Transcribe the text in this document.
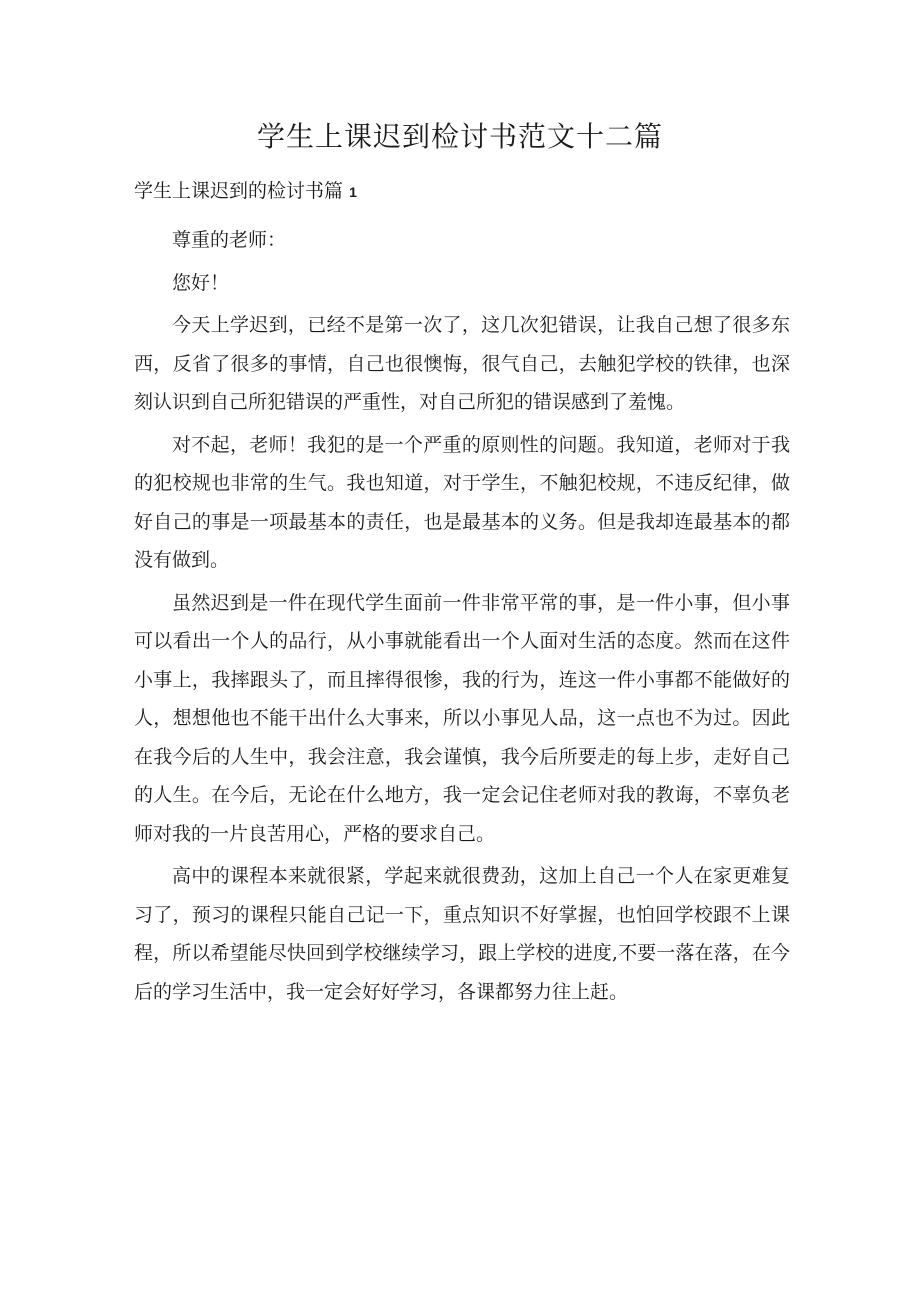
学生上课迟到检讨书范文十二篇
学生上课迟到的检讨书篇 1

尊重的老师：

您好！

今天上学迟到，已经不是第一次了，这几次犯错误，让我自己想了很多东西，反省了很多的事情，自己也很懊悔，很气自己，去触犯学校的铁律，也深刻认识到自己所犯错误的严重性，对自己所犯的错误感到了羞愧。

对不起，老师！我犯的是一个严重的原则性的问题。我知道，老师对于我的犯校规也非常的生气。我也知道，对于学生，不触犯校规，不违反纪律，做好自己的事是一项最基本的责任，也是最基本的义务。但是我却连最基本的都没有做到。

虽然迟到是一件在现代学生面前一件非常平常的事，是一件小事，但小事可以看出一个人的品行，从小事就能看出一个人面对生活的态度。然而在这件小事上，我摔跟头了，而且摔得很惨，我的行为，连这一件小事都不能做好的人，想想他也不能干出什么大事来，所以小事见人品，这一点也不为过。因此在我今后的人生中，我会注意，我会谨慎，我今后所要走的每上步，走好自己的人生。在今后，无论在什么地方，我一定会记住老师对我的教诲，不辜负老师对我的一片良苦用心，严格的要求自己。

高中的课程本来就很紧，学起来就很费劲，这加上自己一个人在家更难复习了，预习的课程只能自己记一下，重点知识不好掌握，也怕回学校跟不上课程，所以希望能尽快回到学校继续学习，跟上学校的进度,不要一落在落，在今后的学习生活中，我一定会好好学习，各课都努力往上赶。
